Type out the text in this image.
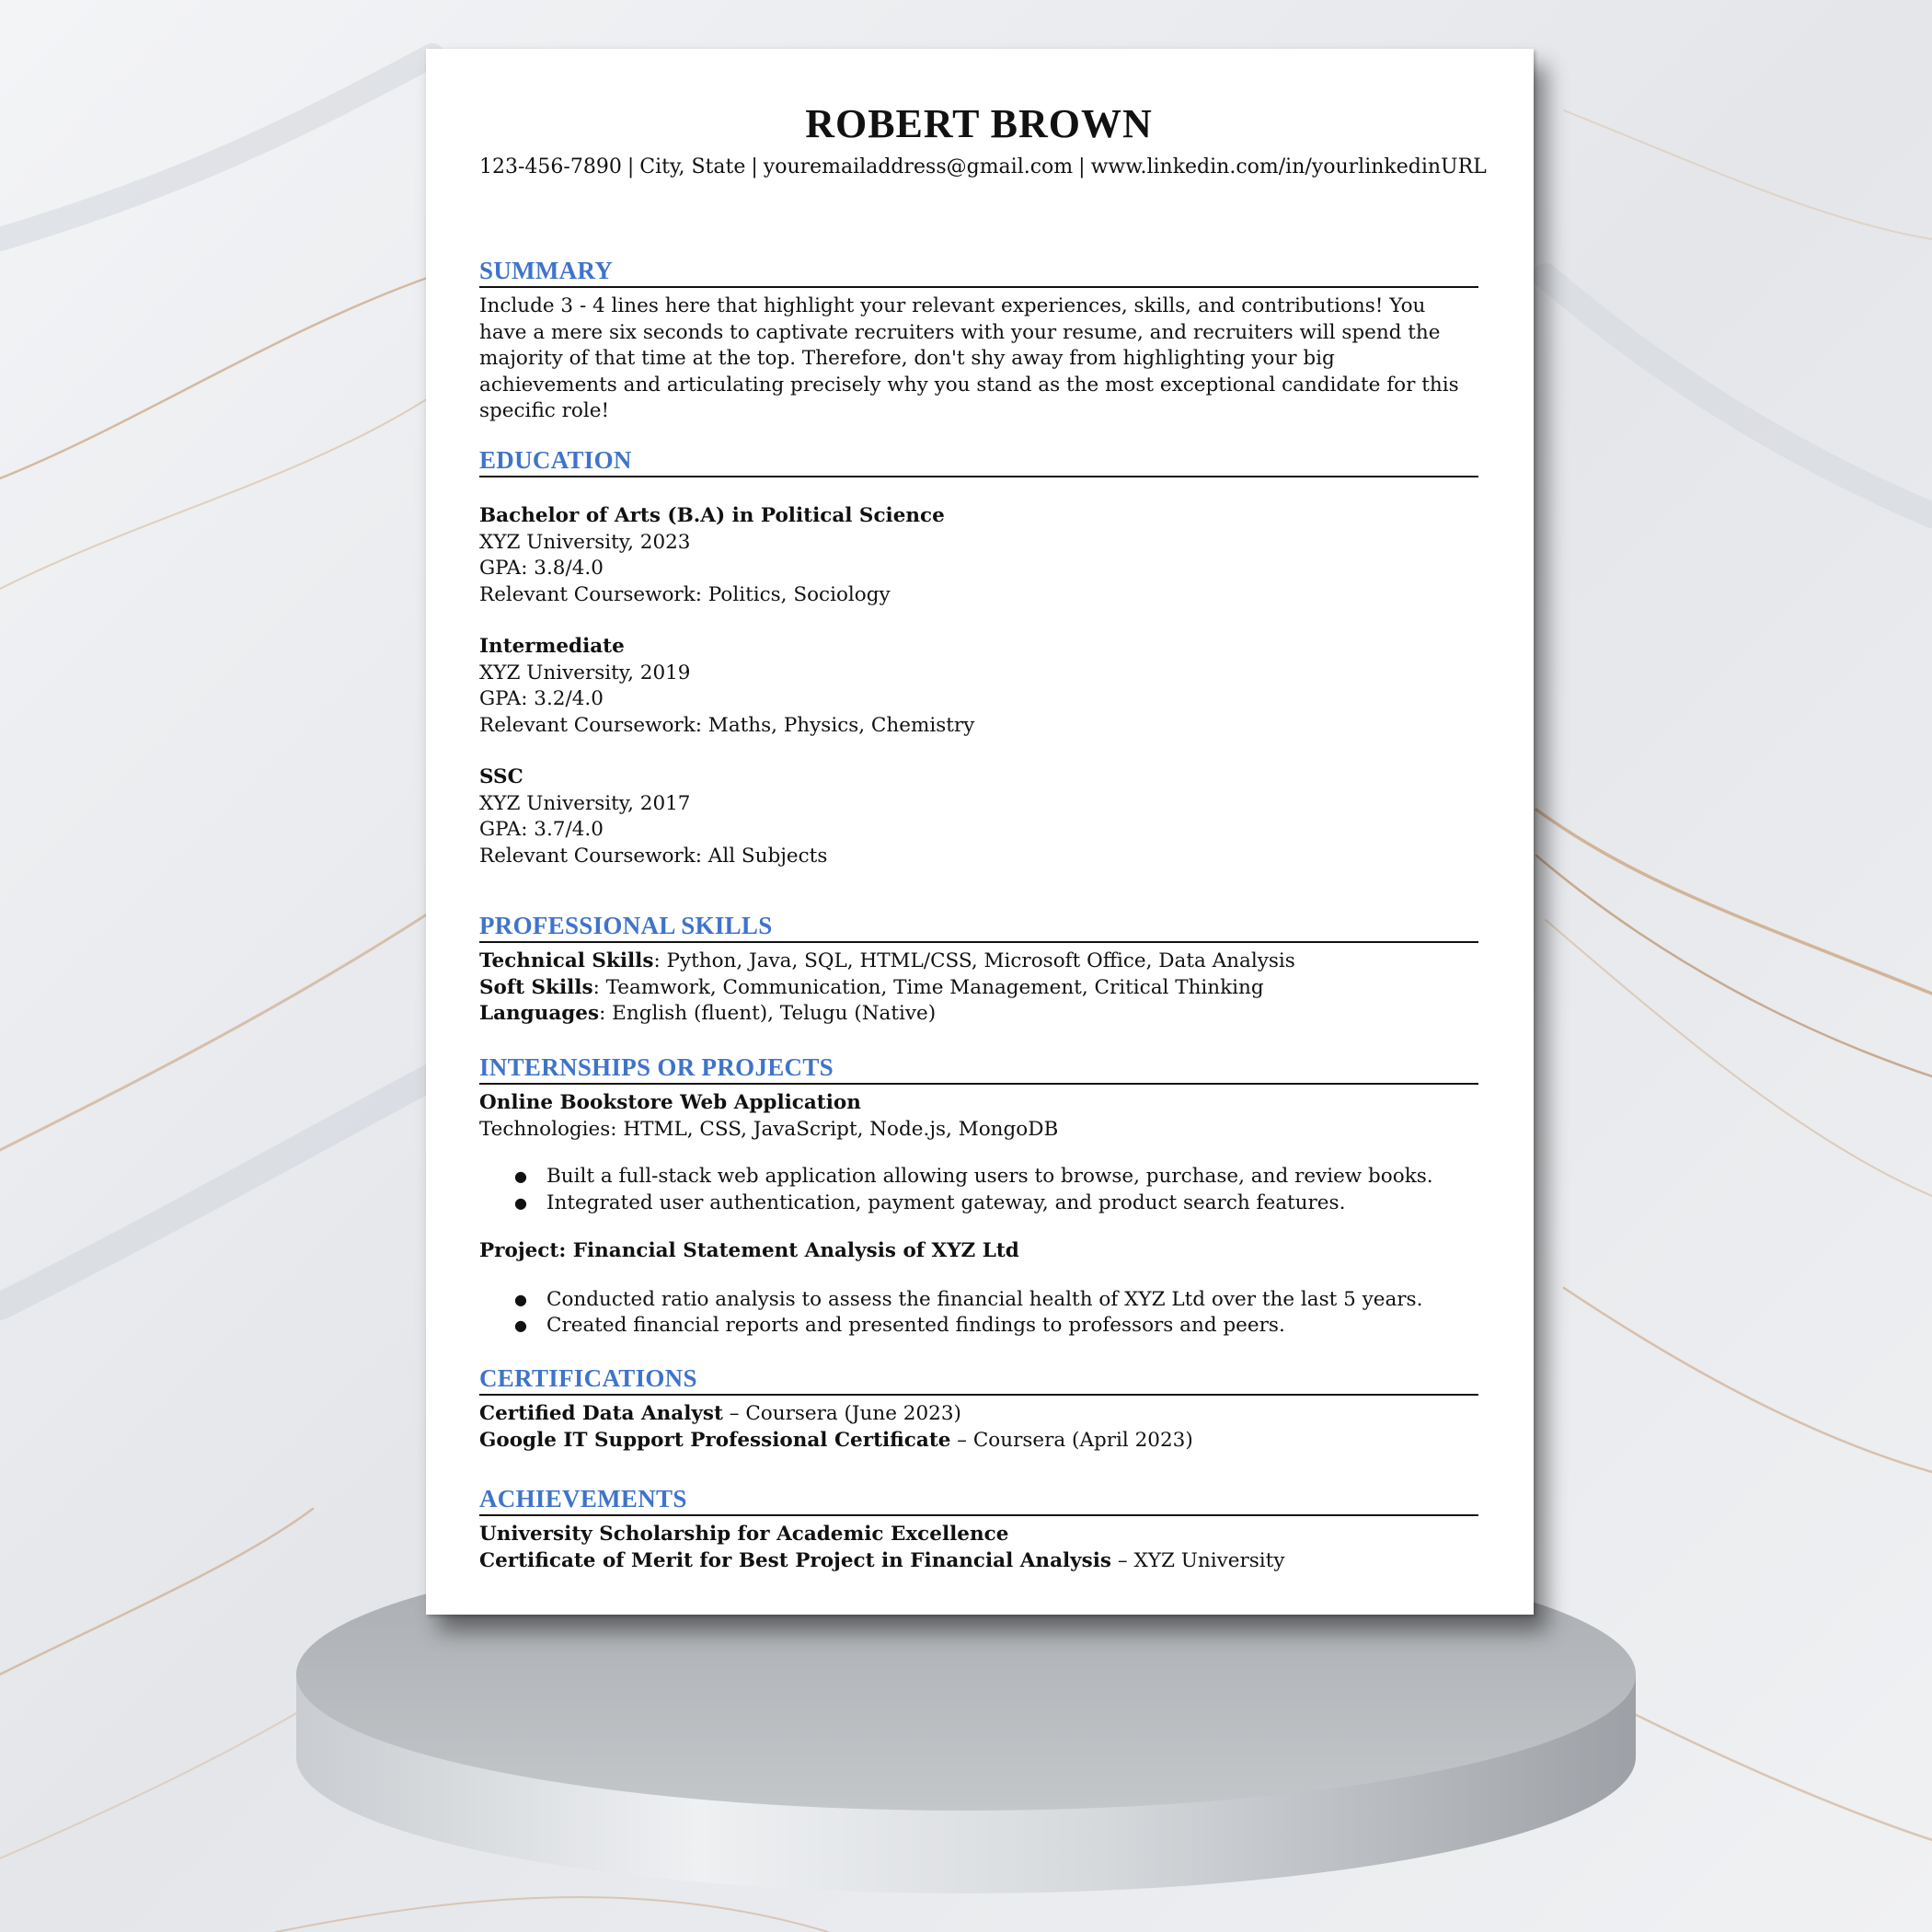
ROBERT BROWN
123-456-7890 | City, State | youremailaddress@gmail.com | www.linkedin.com/in/yourlinkedinURL
SUMMARY
Include 3 - 4 lines here that highlight your relevant experiences, skills, and contributions! You have a mere six seconds to captivate recruiters with your resume, and recruiters will spend the majority of that time at the top. Therefore, don't shy away from highlighting your big achievements and articulating precisely why you stand as the most exceptional candidate for this specific role!
EDUCATION
Bachelor of Arts (B.A) in Political Science
XYZ University, 2023
GPA: 3.8/4.0
Relevant Coursework: Politics, Sociology
Intermediate
XYZ University, 2019
GPA: 3.2/4.0
Relevant Coursework: Maths, Physics, Chemistry
SSC
XYZ University, 2017
GPA: 3.7/4.0
Relevant Coursework: All Subjects
PROFESSIONAL SKILLS
Technical Skills: Python, Java, SQL, HTML/CSS, Microsoft Office, Data Analysis
Soft Skills: Teamwork, Communication, Time Management, Critical Thinking
Languages: English (fluent), Telugu (Native)
INTERNSHIPS OR PROJECTS
Online Bookstore Web Application
Technologies: HTML, CSS, JavaScript, Node.js, MongoDB
● Built a full-stack web application allowing users to browse, purchase, and review books.
● Integrated user authentication, payment gateway, and product search features.
Project: Financial Statement Analysis of XYZ Ltd
● Conducted ratio analysis to assess the financial health of XYZ Ltd over the last 5 years.
● Created financial reports and presented findings to professors and peers.
CERTIFICATIONS
Certified Data Analyst – Coursera (June 2023)
Google IT Support Professional Certificate – Coursera (April 2023)
ACHIEVEMENTS
University Scholarship for Academic Excellence
Certificate of Merit for Best Project in Financial Analysis – XYZ University
